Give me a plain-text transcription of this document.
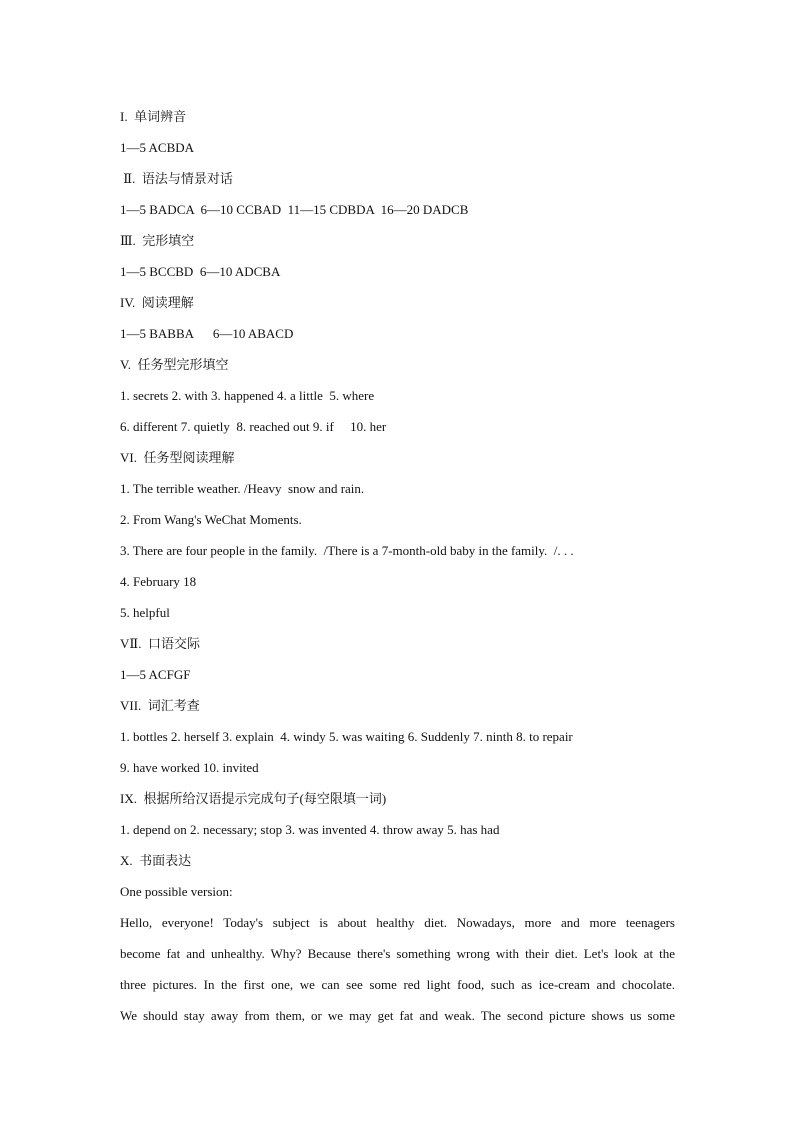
I.  单词辨音
1—5 ACBDA
Ⅱ.  语法与情景对话
1—5 BADCA  6—10 CCBAD  11—15 CDBDA  16—20 DADCB
Ⅲ.  完形填空
1—5 BCCBD  6—10 ADCBA
IV.  阅读理解
1—5 BABBA      6—10 ABACD
V.  任务型完形填空
1. secrets 2. with 3. happened 4. a little  5. where
6. different 7. quietly  8. reached out 9. if     10. her
VI.  任务型阅读理解
1. The terrible weather. /Heavy  snow and rain.
2. From Wang's WeChat Moments.
3. There are four people in the family.  /There is a 7-month-old baby in the family.  /. . .
4. February 18
5. helpful
VⅡ.  口语交际
1—5 ACFGF
VII.  词汇考查
1. bottles 2. herself 3. explain  4. windy 5. was waiting 6. Suddenly 7. ninth 8. to repair
9. have worked 10. invited
IX.  根据所给汉语提示完成句子(每空限填一词)
1. depend on 2. necessary; stop 3. was invented 4. throw away 5. has had
X.  书面表达
One possible version:
Hello, everyone! Today's subject is about healthy diet. Nowadays, more and more teenagers
become fat and unhealthy. Why? Because there's something wrong with their diet. Let's look at the
three pictures. In the first one, we can see some red light food, such as ice-cream and chocolate.
We should stay away from them, or we may get fat and weak. The second picture shows us some
